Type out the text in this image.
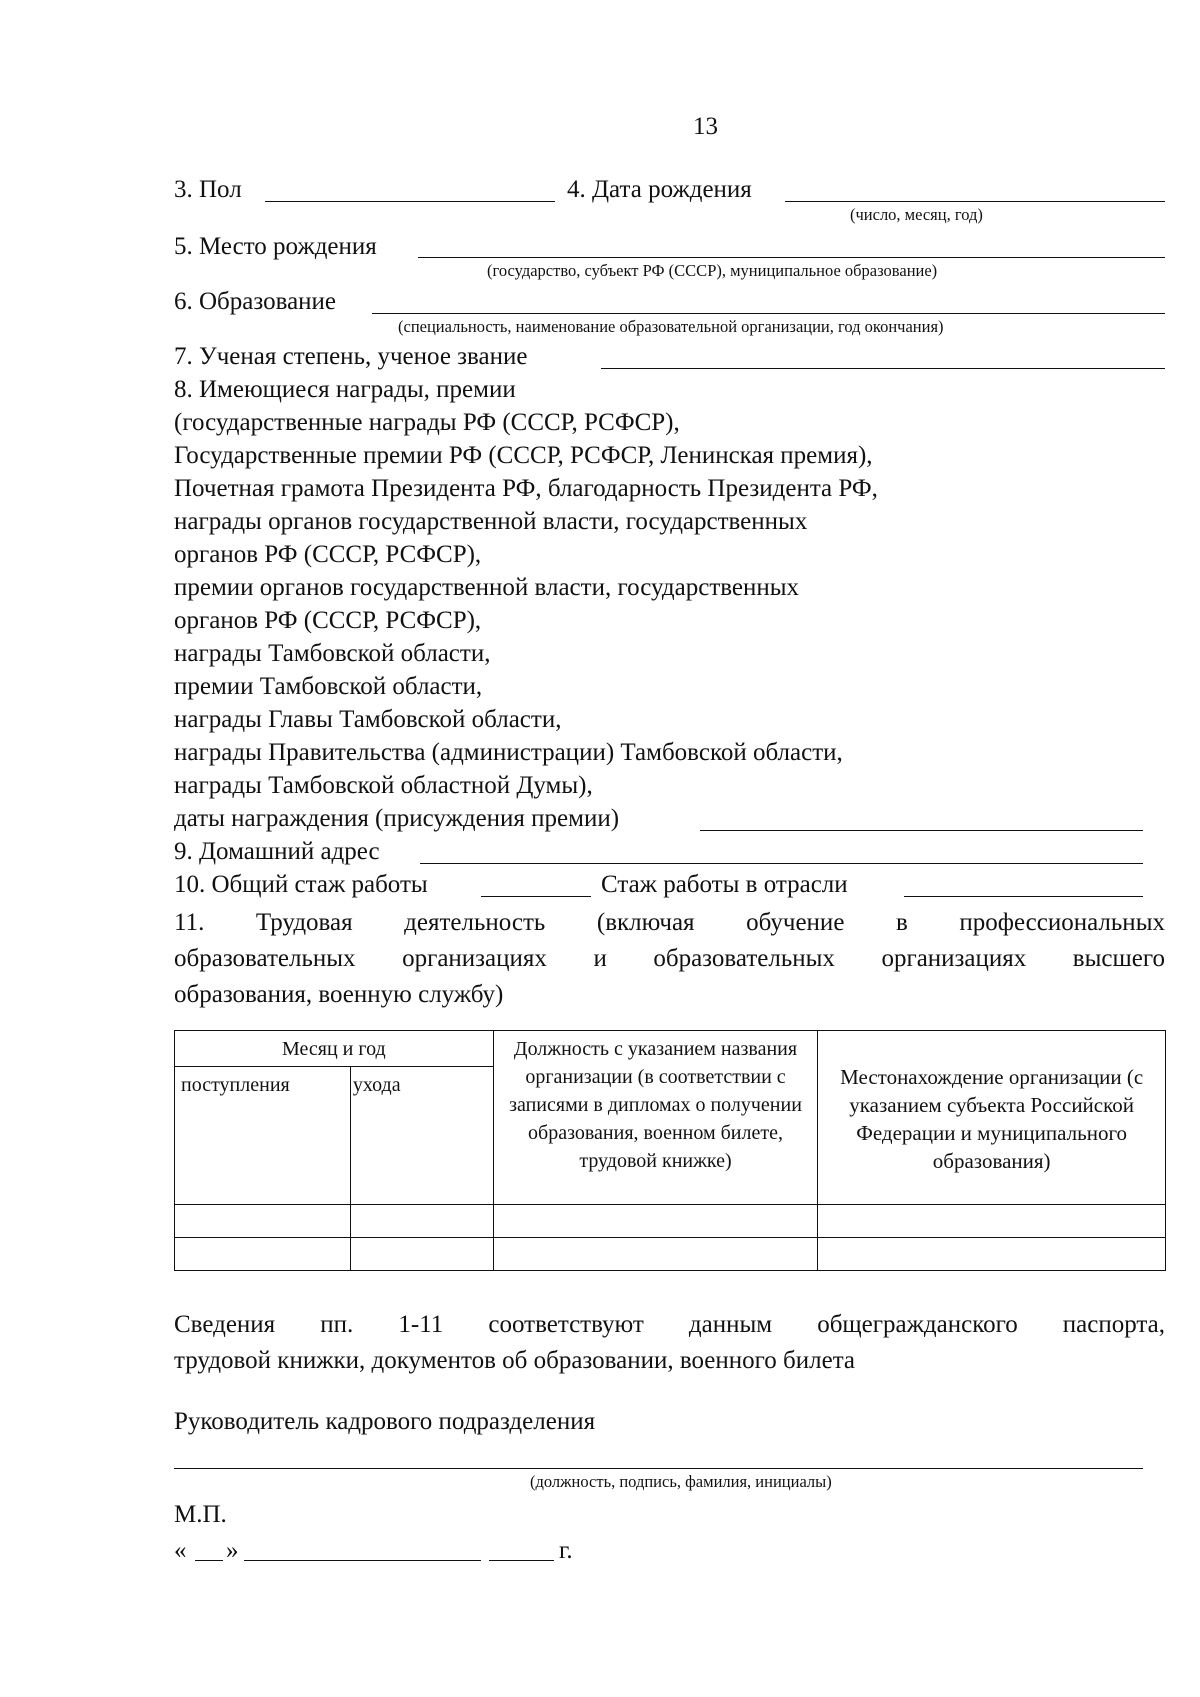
13
3. Пол	4. Дата рождения
(число, месяц, год)
5. Место рождения
(государство, субъект РФ (СССР), муниципальное образование)
6. Образование
(специальность, наименование образовательной организации, год окончания)
7. Ученая степень, ученое звание
8. Имеющиеся награды, премии
(государственные награды РФ (СССР, РСФСР),
Государственные премии РФ (СССР, РСФСР, Ленинская премия),
Почетная грамота Президента РФ, благодарность Президента РФ,
награды органов государственной власти, государственных
органов РФ (СССР, РСФСР),
премии органов государственной власти, государственных
органов РФ (СССР, РСФСР),
награды Тамбовской области,
премии Тамбовской области,
награды Главы Тамбовской области,
награды Правительства (администрации) Тамбовской области,
награды Тамбовской областной Думы),
даты награждения (присуждения премии)
9. Домашний адрес
10. Общий стаж работы	Стаж работы в отрасли
11. Трудовая деятельность (включая обучение в профессиональных
образовательных организациях и образовательных организациях высшего
образования, военную службу)
Месяц и год		Должность с указанием названия организации (в соответствии с записями в дипломах о получении образования, военном билете, трудовой книжке)	Местонахождение организации (с указанием субъекта Российской Федерации и муниципального образования)
поступления	ухода		

Сведения пп. 1-11 соответствуют данным общегражданского паспорта,
трудовой книжки, документов об образовании, военного билета
Руководитель кадрового подразделения
(должность, подпись, фамилия, инициалы)
М.П.
« »	г.
